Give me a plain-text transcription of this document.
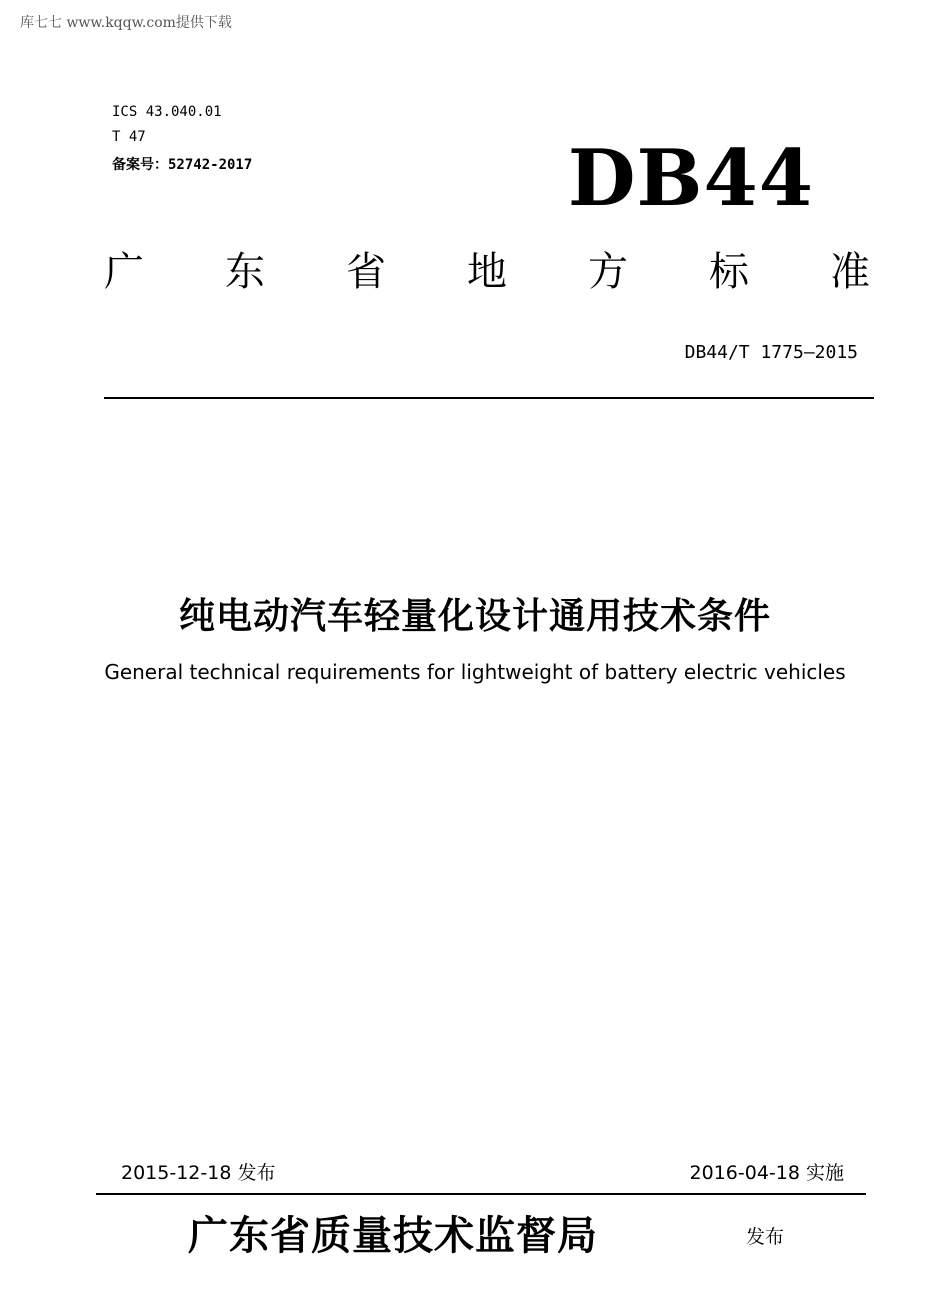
库七七 www.kqqw.com提供下载
ICS 43.040.01
T 47
备案号：52742-2017	DB44
广 东 省 地 方 标 准
DB44/T 1775—2015
纯电动汽车轻量化设计通用技术条件
General technical requirements for lightweight of battery electric vehicles
2015-12-18 发布	2016-04-18 实施
广东省质量技术监督局	发布
